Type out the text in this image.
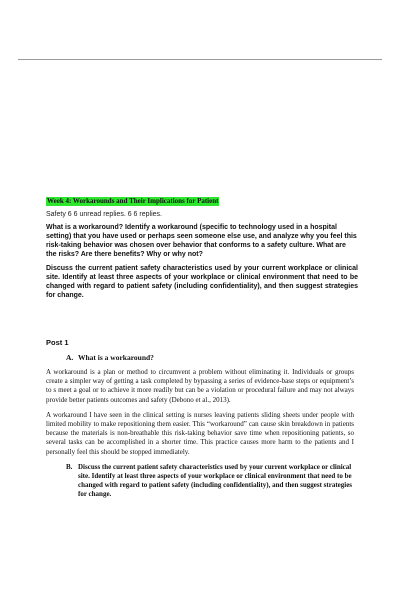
Week 4: Workarounds and Their Implications for Patient

Safety 6 6 unread replies. 6 6 replies.

What is a workaround? Identify a workaround (specific to technology used in a hospital setting) that you have used or perhaps seen someone else use, and analyze why you feel this risk-taking behavior was chosen over behavior that conforms to a safety culture. What are the risks? Are there benefits? Why or why not?

Discuss the current patient safety characteristics used by your current workplace or clinical site. Identify at least three aspects of your workplace or clinical environment that need to be changed with regard to patient safety (including confidentiality), and then suggest strategies for change.

Post 1
A. What is a workaround?

A workaround is a plan or method to circumvent a problem without eliminating it. Individuals or groups create a simpler way of getting a task completed by bypassing a series of evidence-base steps or equipment’s to s meet a goal or to achieve it more readily but can be a violation or procedural failure and may not always provide better patients outcomes and safety (Debono et al., 2013).

A workaround I have seen in the clinical setting is nurses leaving patients sliding sheets under people with limited mobility to make repositioning them easier. This “workaround” can cause skin breakdown in patients because the materials is non-breathable this risk-taking behavior save time when repositioning patients, so several tasks can be accomplished in a shorter time. This practice causes more harm to the patients and I personally feel this should be stopped immediately.

B. Discuss the current patient safety characteristics used by your current workplace or clinical site. Identify at least three aspects of your workplace or clinical environment that need to be changed with regard to patient safety (including confidentiality), and then suggest strategies for change.
